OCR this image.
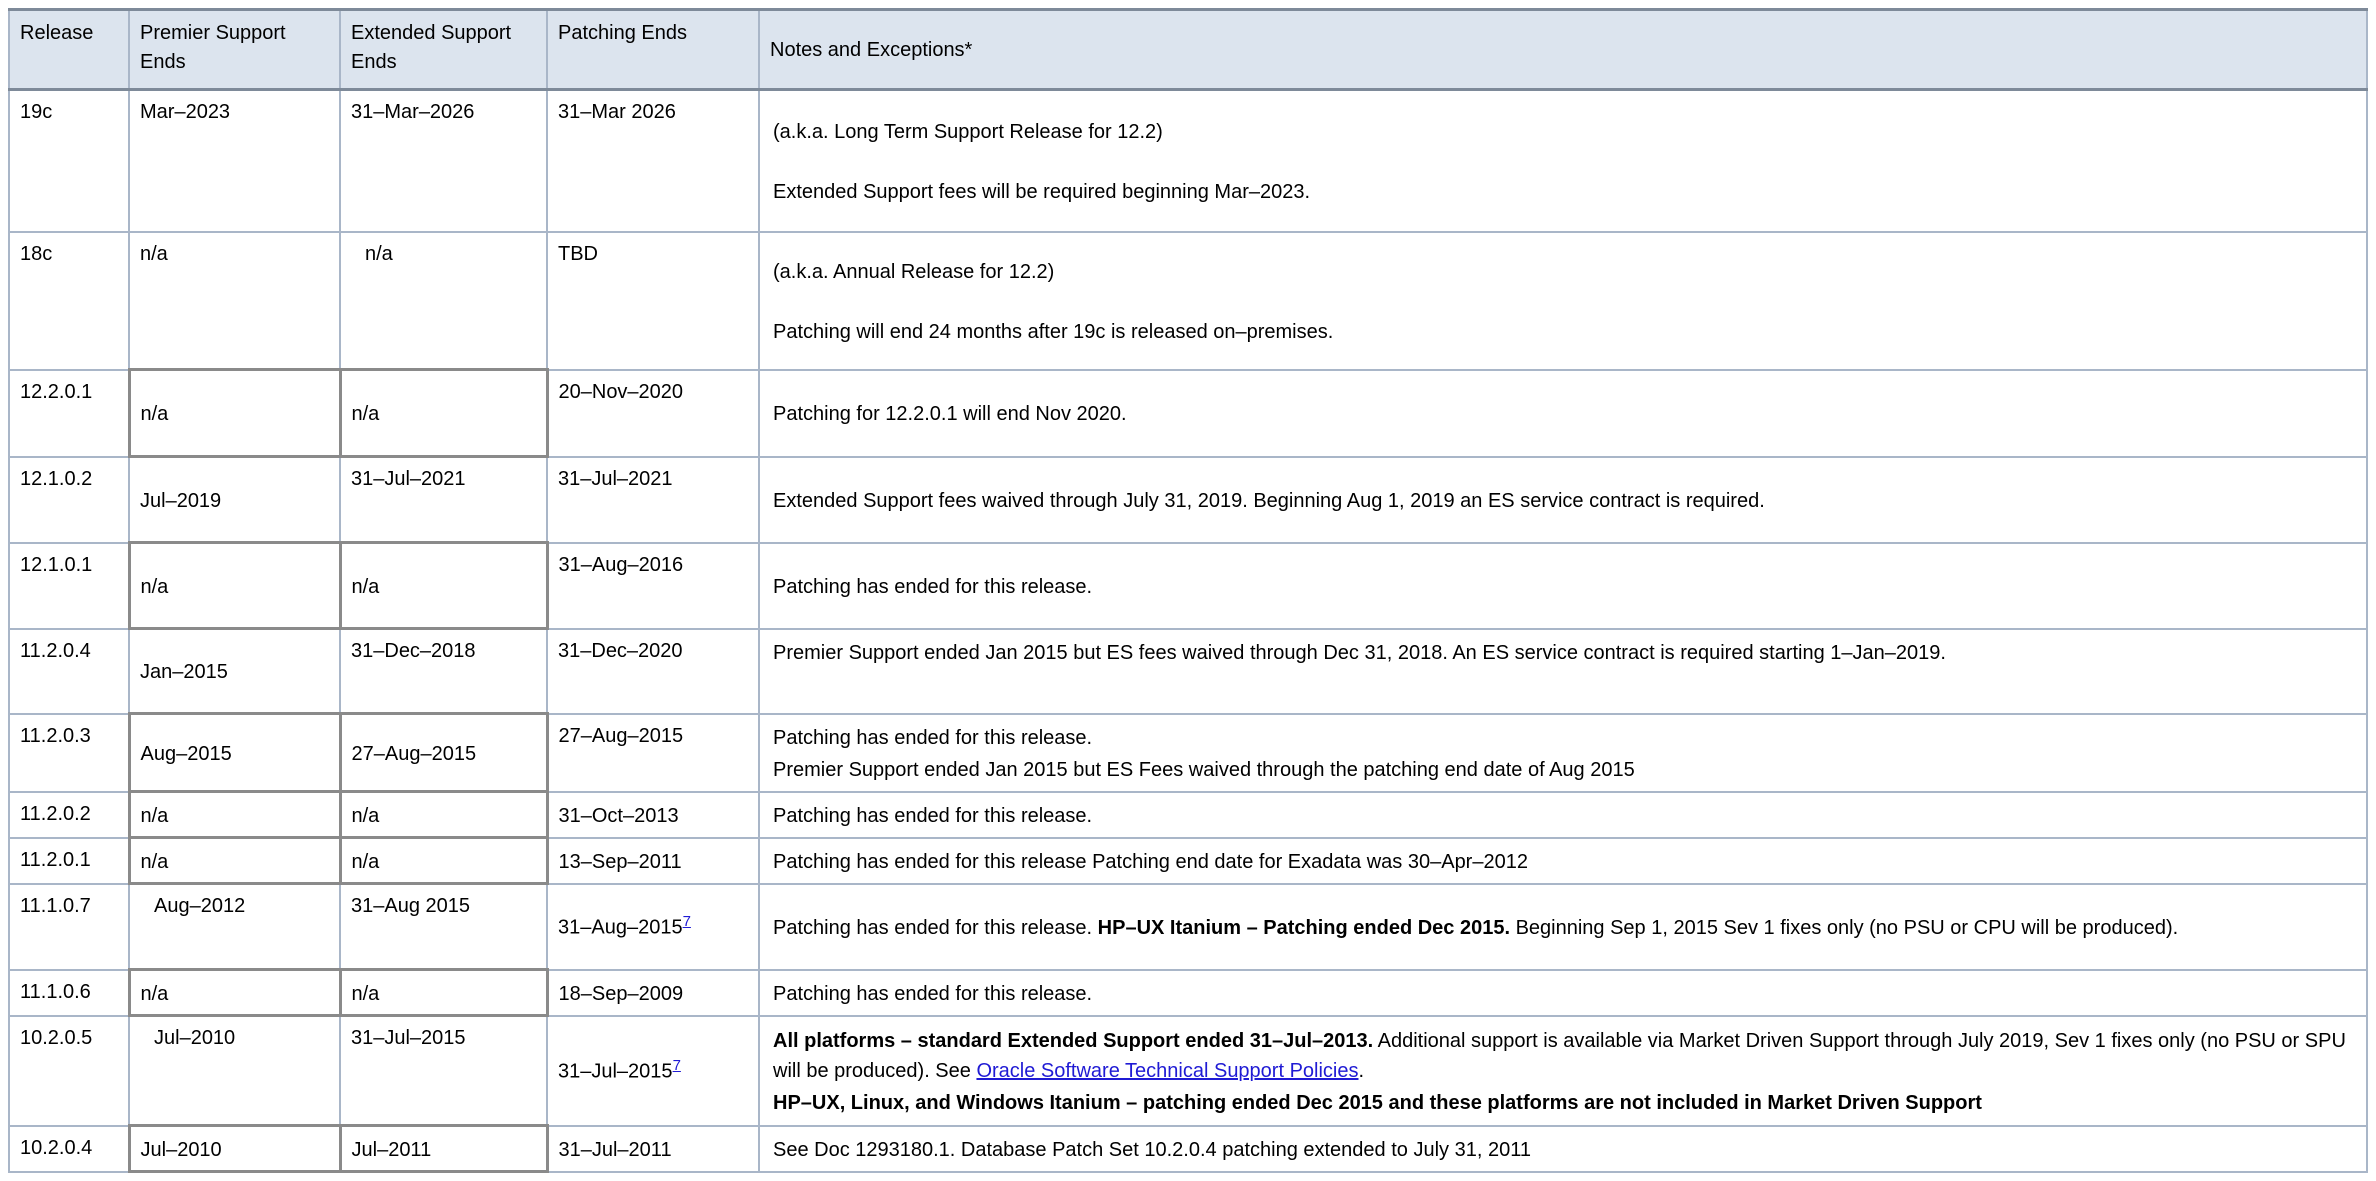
Release	Premier Support Ends	Extended Support Ends	Patching Ends	Notes and Exceptions*
19c	Mar–2023	31–Mar–2026	31–Mar 2026	(a.k.a. Long Term Support Release for 12.2)
Extended Support fees will be required beginning Mar–2023.

18c	n/a	n/a	TBD	(a.k.a. Annual Release for 12.2)
Patching will end 24 months after 19c is released on–premises.

12.2.0.1	n/a	n/a	20–Nov–2020	Patching for 12.2.0.1 will end Nov 2020.

12.1.0.2	Jul–2019	31–Jul–2021	31–Jul–2021	Extended Support fees waived through July 31, 2019. Beginning Aug 1, 2019 an ES service contract is required.

12.1.0.1	n/a	n/a	31–Aug–2016	Patching has ended for this release.

11.2.0.4	Jan–2015	31–Dec–2018	31–Dec–2020	Premier Support ended Jan 2015 but ES fees waived through Dec 31, 2018. An ES service contract is required starting 1–Jan–2019.

11.2.0.3	Aug–2015	27–Aug–2015	27–Aug–2015	Patching has ended for this release.
Premier Support ended Jan 2015 but ES Fees waived through the patching end date of Aug 2015

11.2.0.2	n/a	n/a	31–Oct–2013	Patching has ended for this release.

11.2.0.1	n/a	n/a	13–Sep–2011	Patching has ended for this release Patching end date for Exadata was 30–Apr–2012

11.1.0.7	Aug–2012	31–Aug 2015	31–Aug–2015$^7$	Patching has ended for this release. HP–UX Itanium – Patching ended Dec 2015. Beginning Sep 1, 2015 Sev 1 fixes only (no PSU or CPU will be produced).

11.1.0.6	n/a	n/a	18–Sep–2009	Patching has ended for this release.

10.2.0.5	Jul–2010	31–Jul–2015	31–Jul–2015$^7$	All platforms – standard Extended Support ended 31–Jul–2013. Additional support is available via Market Driven Support through July 2019, Sev 1 fixes only (no PSU or SPU will be produced). See Oracle Software Technical Support Policies.
HP–UX, Linux, and Windows Itanium – patching ended Dec 2015 and these platforms are not included in Market Driven Support

10.2.0.4	Jul–2010	Jul–2011	31–Jul–2011	See Doc 1293180.1. Database Patch Set 10.2.0.4 patching extended to July 31, 2011
